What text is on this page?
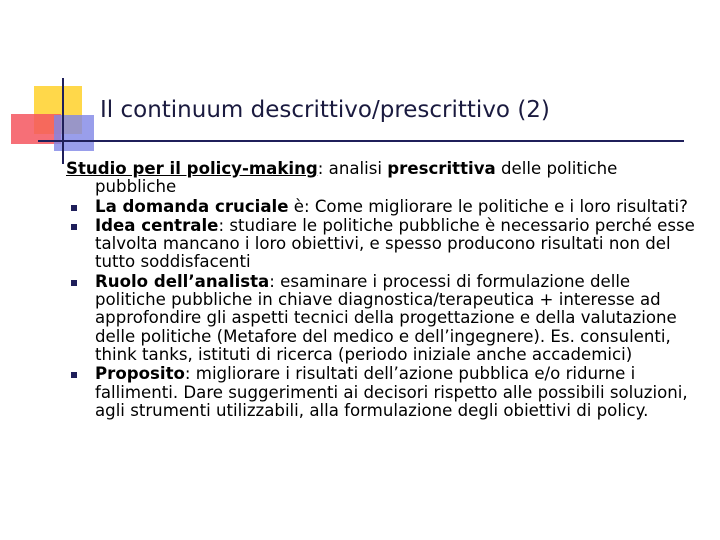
Il continuum descrittivo/prescrittivo (2)

Studio per il policy-making: analisi prescrittiva delle politiche pubbliche

La domanda cruciale è: Come migliorare le politiche e i loro risultati?
Idea centrale: studiare le politiche pubbliche è necessario perché esse talvolta mancano i loro obiettivi, e spesso producono risultati non del tutto soddisfacenti
Ruolo dell’analista: esaminare i processi di formulazione delle politiche pubbliche in chiave diagnostica/terapeutica + interesse ad approfondire gli aspetti tecnici della progettazione e della valutazione delle politiche (Metafore del medico e dell’ingegnere). Es. consulenti, think tanks, istituti di ricerca (periodo iniziale anche accademici)
Proposito: migliorare i risultati dell’azione pubblica e/o ridurne i fallimenti. Dare suggerimenti ai decisori rispetto alle possibili soluzioni, agli strumenti utilizzabili, alla formulazione degli obiettivi di policy.
